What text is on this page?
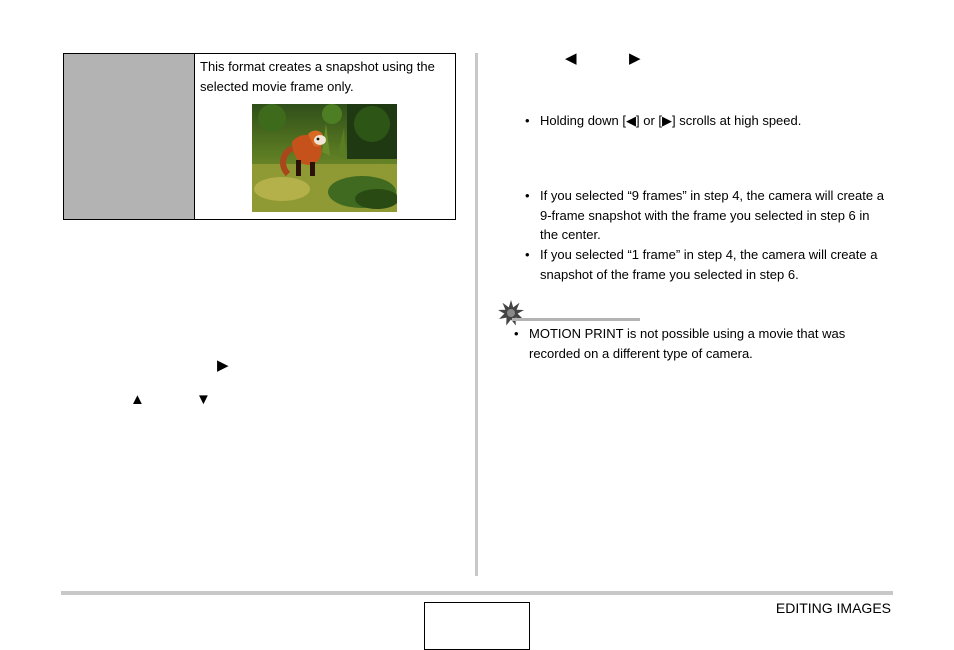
This format creates a snapshot using the selected movie frame only.
▶
▲	▼
◀	▶
• Holding down [◀] or [▶] scrolls at high speed.
• If you selected “9 frames” in step 4, the camera will create a 9-frame snapshot with the frame you selected in step 6 in the center.
• If you selected “1 frame” in step 4, the camera will create a snapshot of the frame you selected in step 6.
• MOTION PRINT is not possible using a movie that was recorded on a different type of camera.
EDITING IMAGES
